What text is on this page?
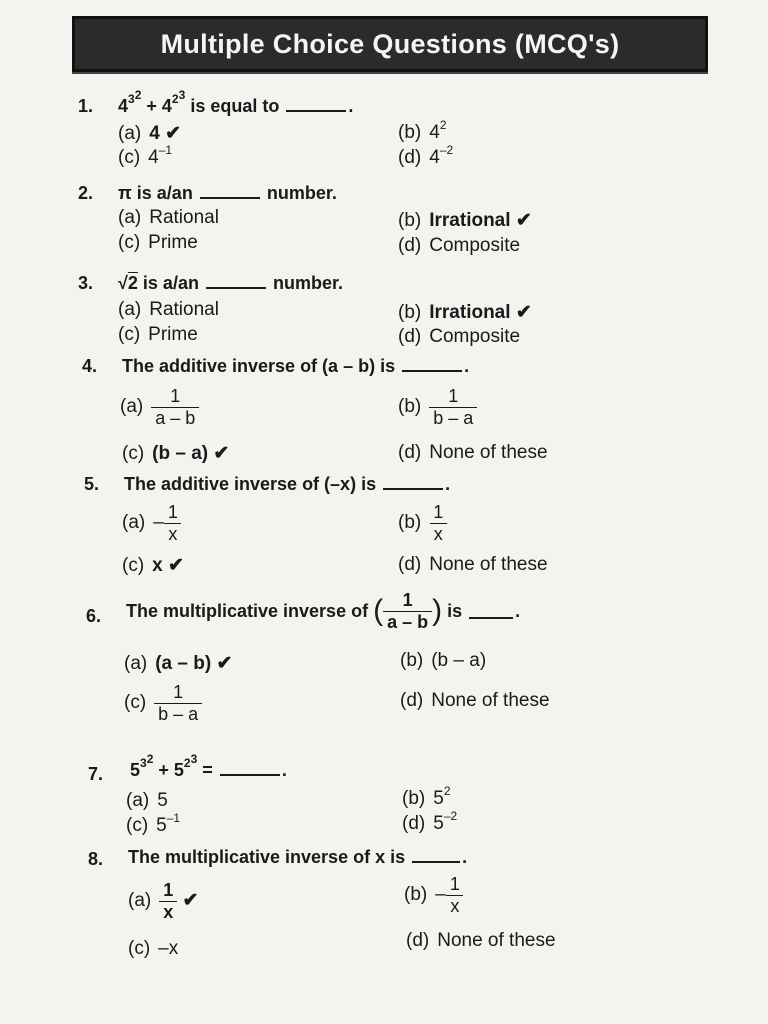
Multiple Choice Questions (MCQ's)
1. $4^{3^2} + 4^{2^3}$ is equal to	.
(a) 4 ✔	(b) $4^2$
(c) $4^{-1}$	(d) $4^{-2}$
2. π is a/an	number.
(a) Rational	(b) Irrational ✔
(c) Prime	(d) Composite
3. √2 is a/an	number.
(a) Rational	(b) Irrational ✔
(c) Prime	(d) Composite
4. The additive inverse of (a – b) is	.
$(a) \frac{1}{a - b}$	$(b) \frac{1}{b - a}$
(c) (b – a) ✔	(d) None of these
5. The additive inverse of (–x) is	.
$(a) - \frac{1}{x}$	$(b) \frac{1}{x}$
(c) x ✔	(d) None of these
6. The multiplicative inverse of
( $\frac{1}{a - b}$ )
is
	.
(a) (a – b) ✔	(b) (b – a)
$(c) \frac{1}{b - a}$	(d) None of these
7. $5^{3^2} + 5^{2^3}$ =	.
(a) 5	(b) $5^2$
(c) $5^{-1}$	(d) $5^{-2}$
8. The multiplicative inverse of x is	.
$(a) \frac{1}{x}$ ✔	$(b) - \frac{1}{x}$
(c) –x	(d) None of these
